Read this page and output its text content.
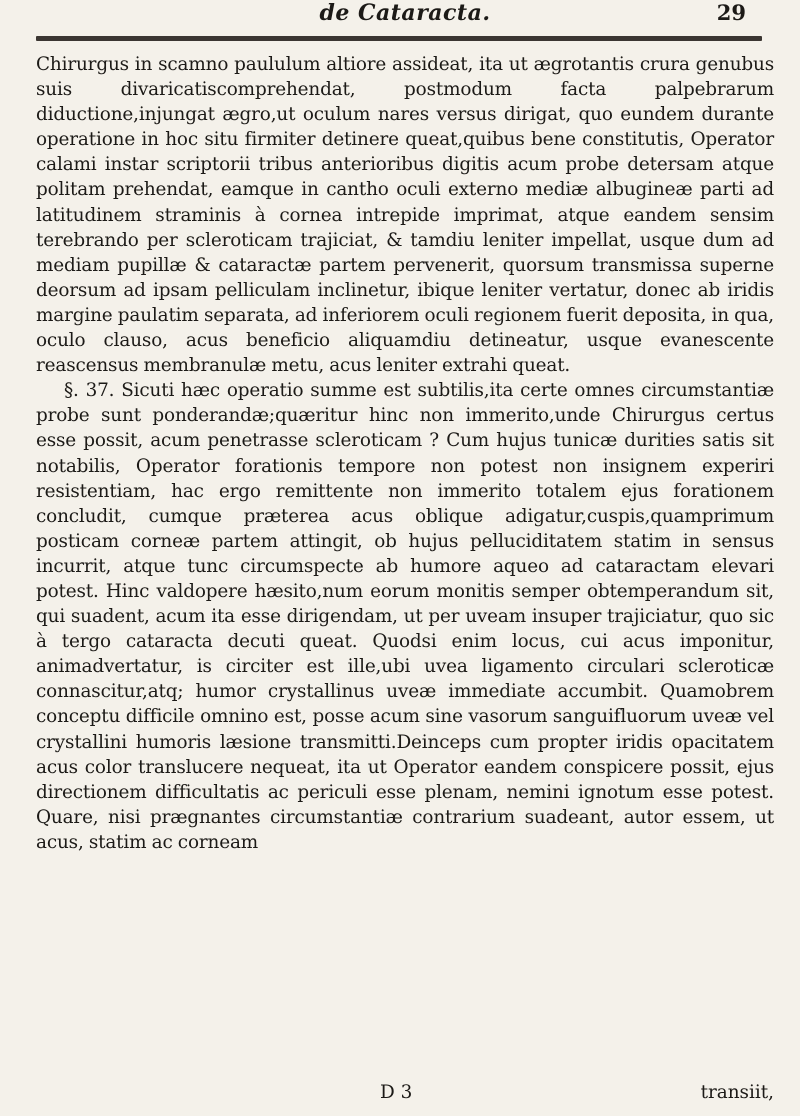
de Cataracta.	29

Chirurgus in scamno paululum altiore assideat, ita ut ægrotantis crura genubus suis divaricatiscomprehendat, postmodum facta palpebrarum diductione,injungat ægro,ut oculum nares versus dirigat, quo eundem durante operatione in hoc situ firmiter detinere queat,quibus bene constitutis, Operator calami instar scriptorii tribus anterioribus digitis acum probe detersam atque politam prehendat, eamque in cantho oculi externo mediæ albugineæ parti ad latitudinem straminis à corneа intrepide imprimat, atque eandem sensim terebrando per scleroticam trajiciat, & tamdiu leniter impellat, usque dum ad mediam pupillæ & cataractæ partem pervenerit, quorsum transmissa superne deorsum ad ipsam pelliculam inclinetur, ibique leniter vertatur, donec ab iridis margine paulatim separata, ad inferiorem oculi regionem fuerit deposita, in qua, oculo clauso, acus beneficio aliquamdiu detineatur, usque evanescente reascensus membranulæ metu, acus leniter extrahi queat.

§. 37. Sicuti hæc operatio summe est subtilis,ita certe omnes circumstantiæ probe sunt ponderandæ;quæritur hinc non immerito,unde Chirurgus certus esse possit, acum penetrasse scleroticam ? Cum hujus tunicæ durities satis sit notabilis, Operator forationis tempore non potest non insignem experiri resistentiam, hac ergo remittente non immerito totalem ejus forationem concludit, cumque præterea acus oblique adigatur,cuspis,quamprimum posticam corneæ partem attingit, ob hujus pelluciditatem statim in sensus incurrit, atque tunc circumspecte ab humore aqueo ad cataractam elevari potest. Hinc valdopere hæsito,num eorum monitis semper obtemperandum sit, qui suadent, acum ita esse dirigendam, ut per uveam insuper trajiciatur, quo sic à tergo cataracta decuti queat. Quodsi enim locus, cui acus imponitur, animadvertatur, is circiter est ille,ubi uvea ligamento circulari scleroticæ connascitur,atq; humor crystallinus uveæ immediate accumbit. Quamobrem conceptu difficile omnino est, posse acum sine vasorum sanguifluorum uveæ vel crystallini humoris læsione transmitti.Deinceps cum propter iridis opacitatem acus color translucere nequeat, ita ut Operator eandem conspicere possit, ejus directionem difficultatis ac periculi esse plenam, nemini ignotum esse potest. Quare, nisi prægnantes circumstantiæ contrarium suadeant, autor essem, ut acus, statim ac corneam

D 3	transiit,
